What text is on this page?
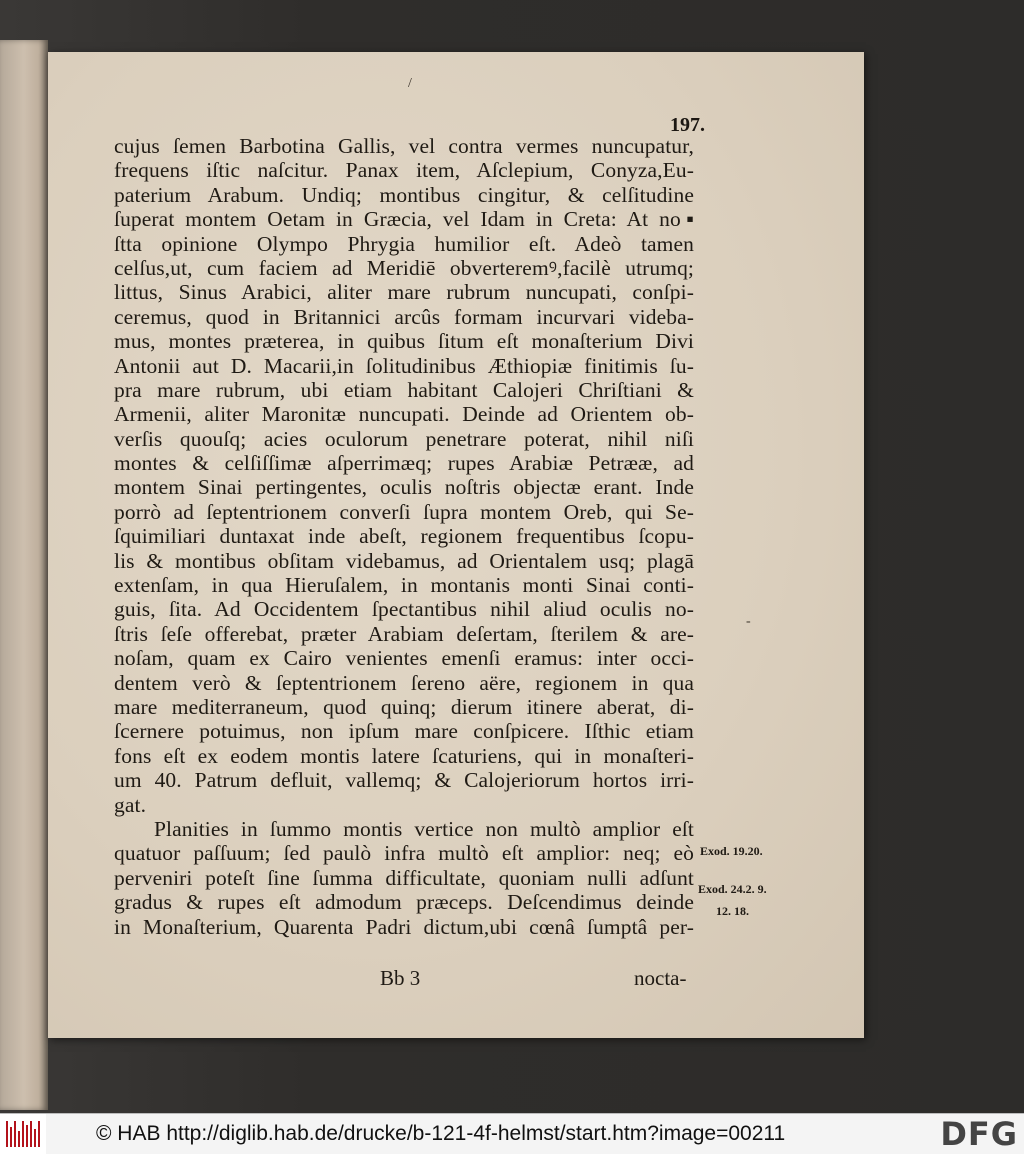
/
197.
cujus ſemen Barbotina Gallis, vel contra vermes nuncupatur,
frequens iſtic naſcitur. Panax item, Aſclepium, Conyza,Eu-
paterium Arabum. Undiq; montibus cingitur, & celſitudine
ſuperat montem Oetam in Græcia, vel Idam in Creta: At no▪
ſtta opinione Olympo Phrygia humilior eſt. Adeò tamen
celſus,ut, cum faciem ad Meridiē obverteremꝰ,facilè utrumq;
littus, Sinus Arabici, aliter mare rubrum nuncupati, conſpi-
ceremus, quod in Britannici arcûs formam incurvari videba-
mus, montes præterea, in quibus ſitum eſt monaſterium Divi
Antonii aut D. Macarii,in ſolitudinibus Æthiopiæ finitimis ſu-
pra mare rubrum, ubi etiam habitant Calojeri Chriſtiani &
Armenii, aliter Maronitæ nuncupati. Deinde ad Orientem ob-
verſis quouſq; acies oculorum penetrare poterat, nihil niſi
montes & celſiſſimæ aſperrimæq; rupes Arabiæ Petrææ, ad
montem Sinai pertingentes, oculis noſtris objectæ erant. Inde
porrò ad ſeptentrionem converſi ſupra montem Oreb, qui Se-
ſquimiliari duntaxat inde abeſt, regionem frequentibus ſcopu-
lis & montibus obſitam videbamus, ad Orientalem usq; plagā
extenſam, in qua Hieruſalem, in montanis monti Sinai conti-
guis, ſita. Ad Occidentem ſpectantibus nihil aliud oculis no-
ſtris ſeſe offerebat, præter Arabiam deſertam, ſterilem & are-
noſam, quam ex Cairo venientes emenſi eramus: inter occi-
dentem verò & ſeptentrionem ſereno aëre, regionem in qua
mare mediterraneum, quod quinq; dierum itinere aberat, di-
ſcernere potuimus, non ipſum mare conſpicere. Iſthic etiam
fons eſt ex eodem montis latere ſcaturiens, qui in monaſteri-
um 40. Patrum defluit, vallemq; & Calojeriorum hortos irri-
gat.
Planities in ſummo montis vertice non multò amplior eſt
quatuor paſſuum; ſed paulò infra multò eſt amplior: neq; eò
perveniri poteſt ſine ſumma difficultate, quoniam nulli adſunt
gradus & rupes eſt admodum præceps. Deſcendimus deinde
in Monaſterium, Quarenta Padri dictum,ubi cœnâ ſumptâ per-
Exod. 19.20.
Exod. 24.2. 9.
12. 18.
Bb 3	nocta-
-
© HAB http://diglib.hab.de/drucke/b-121-4f-helmst/start.htm?image=00211	DFG
